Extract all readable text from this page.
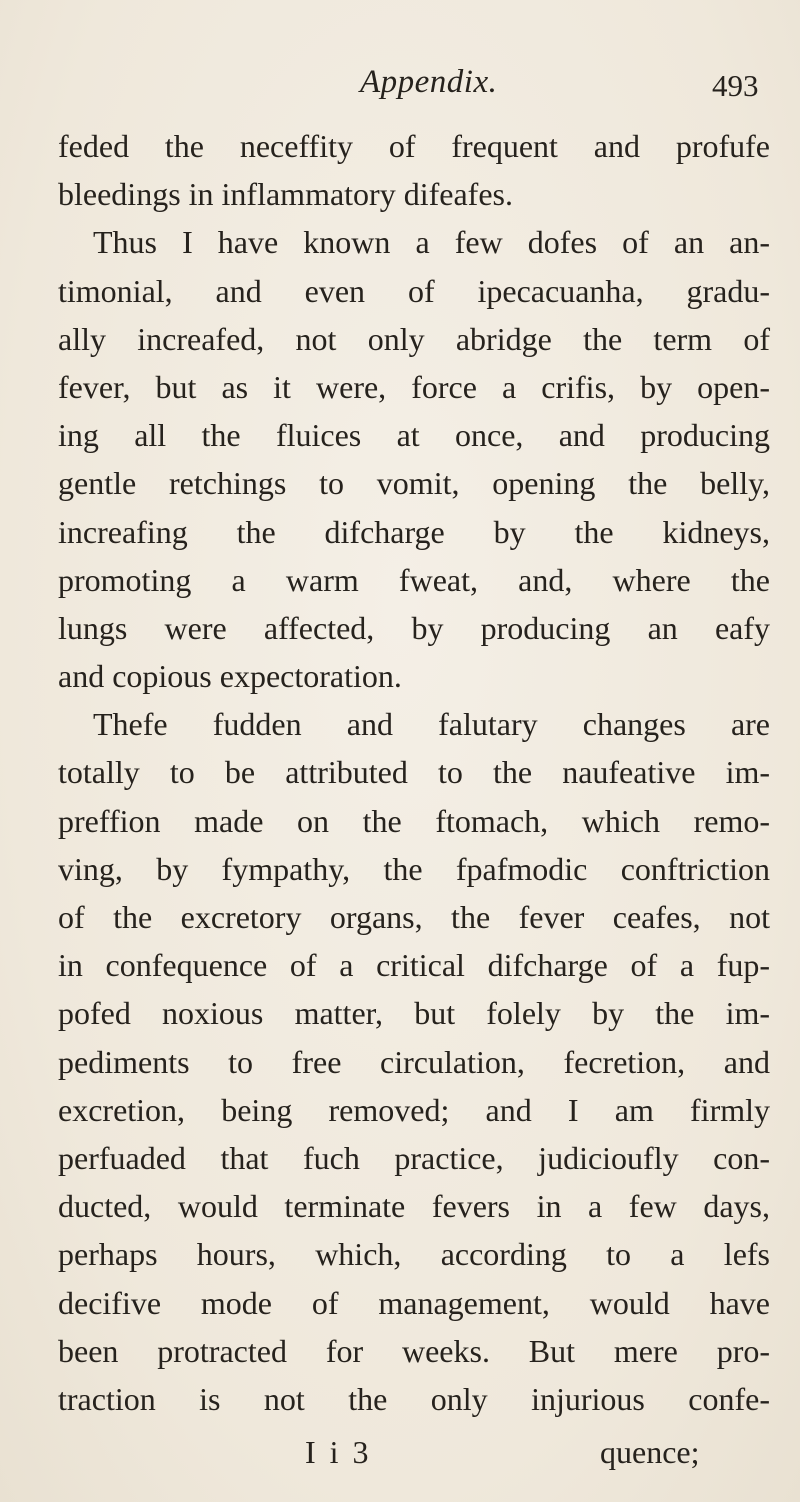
Appendix.	493
feded the neceffity of frequent and profufe
bleedings in inflammatory difeafes.
Thus I have known a few dofes of an an-
timonial, and even of ipecacuanha, gradu-
ally increafed, not only abridge the term of
fever, but as it were, force a crifis, by open-
ing all the fluices at once, and producing
gentle retchings to vomit, opening the belly,
increafing the difcharge by the kidneys,
promoting a warm fweat, and, where the
lungs were affected, by producing an eafy
and copious expectoration.
Thefe fudden and falutary changes are
totally to be attributed to the naufeative im-
preffion made on the ftomach, which remo-
ving, by fympathy, the fpafmodic conftriction
of the excretory organs, the fever ceafes, not
in confequence of a critical difcharge of a fup-
pofed noxious matter, but folely by the im-
pediments to free circulation, fecretion, and
excretion, being removed; and I am firmly
perfuaded that fuch practice, judicioufly con-
ducted, would terminate fevers in a few days,
perhaps hours, which, according to a lefs
decifive mode of management, would have
been protracted for weeks. But mere pro-
traction is not the only injurious confe-
I i 3	quence;
